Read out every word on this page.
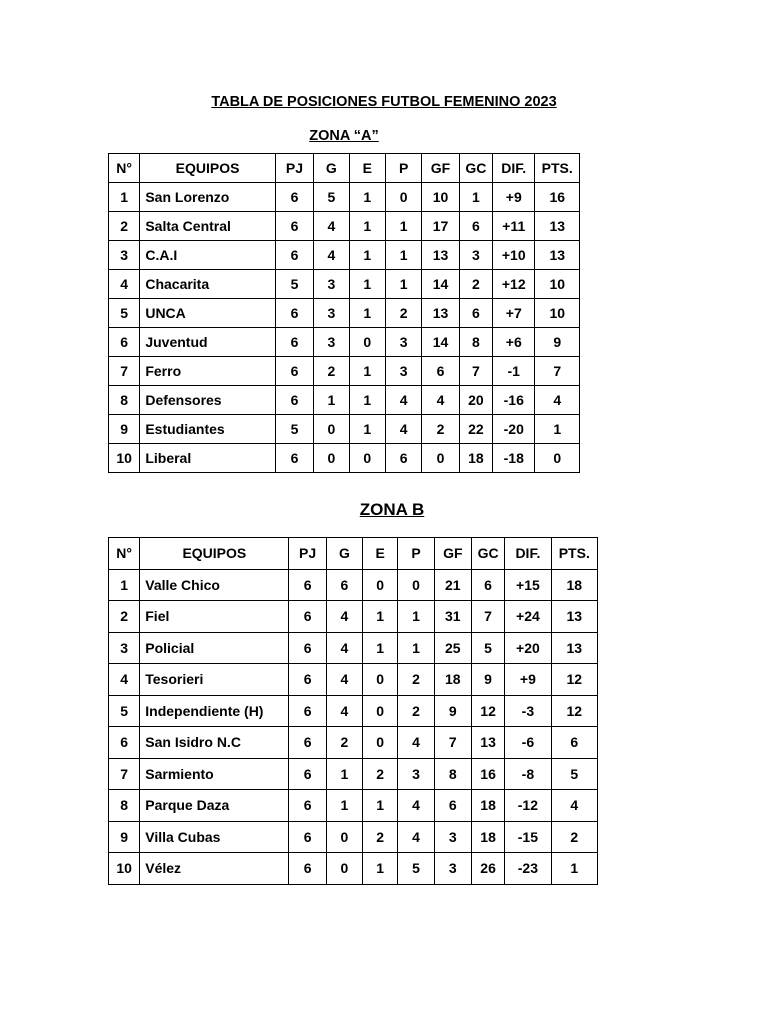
TABLA DE POSICIONES FUTBOL FEMENINO 2023
ZONA “A”
N°	EQUIPOS	PJ	G	E	P	GF	GC	DIF.	PTS.
1	San Lorenzo	6	5	1	0	10	1	+9	16
2	Salta Central	6	4	1	1	17	6	+11	13
3	C.A.I	6	4	1	1	13	3	+10	13
4	Chacarita	5	3	1	1	14	2	+12	10
5	UNCA	6	3	1	2	13	6	+7	10
6	Juventud	6	3	0	3	14	8	+6	9
7	Ferro	6	2	1	3	6	7	-1	7
8	Defensores	6	1	1	4	4	20	-16	4
9	Estudiantes	5	0	1	4	2	22	-20	1
10	Liberal	6	0	0	6	0	18	-18	0
ZONA B
N°	EQUIPOS	PJ	G	E	P	GF	GC	DIF.	PTS.
1	Valle Chico	6	6	0	0	21	6	+15	18
2	Fiel	6	4	1	1	31	7	+24	13
3	Policial	6	4	1	1	25	5	+20	13
4	Tesorieri	6	4	0	2	18	9	+9	12
5	Independiente (H)	6	4	0	2	9	12	-3	12
6	San Isidro N.C	6	2	0	4	7	13	-6	6
7	Sarmiento	6	1	2	3	8	16	-8	5
8	Parque Daza	6	1	1	4	6	18	-12	4
9	Villa Cubas	6	0	2	4	3	18	-15	2
10	Vélez	6	0	1	5	3	26	-23	1
